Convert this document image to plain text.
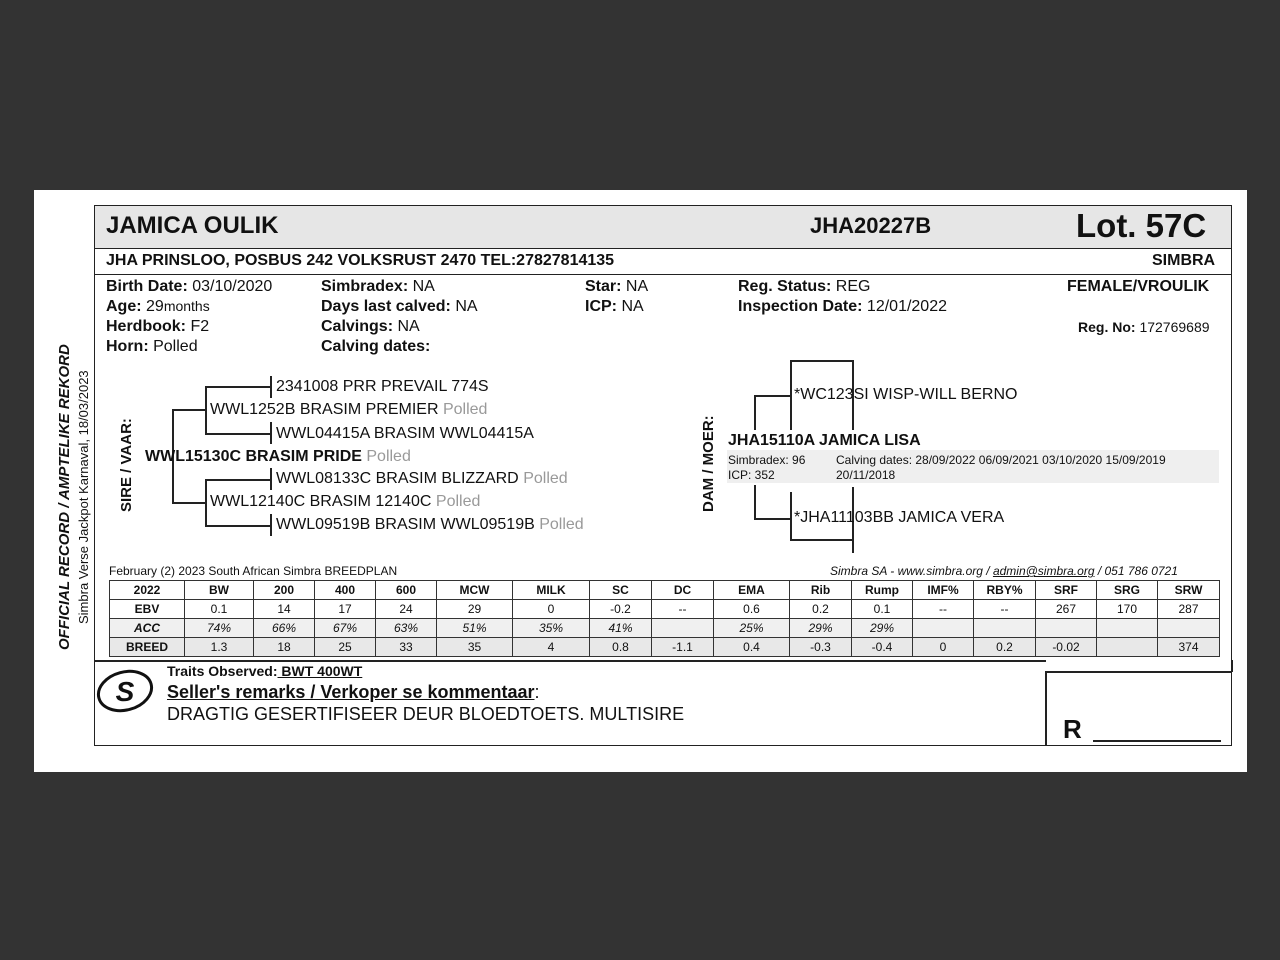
OFFICIAL RECORD / AMPTELIKE REKORD Simbra Verse Jackpot Karnaval, 18/03/2023
JAMICA OULIK	JHA20227B	Lot. 57C
JHA PRINSLOO, POSBUS 242 VOLKSRUST 2470 TEL:27827814135	SIMBRA
Birth Date: 03/10/2020
Age: 29months
Herdbook: F2
Horn: Polled
Simbradex: NA
Days last calved: NA
Calvings: NA
Calving dates:
Star: NA
ICP: NA
Reg. Status: REG
Inspection Date: 12/01/2022
FEMALE/VROULIK
Reg. No: 172769689
SIRE / VAAR:
2341008 PRR PREVAIL 774S
WWL1252B BRASIM PREMIER Polled
WWL04415A BRASIM WWL04415A
WWL15130C BRASIM PRIDE Polled
WWL08133C BRASIM BLIZZARD Polled
WWL12140C BRASIM 12140C Polled
WWL09519B BRASIM WWL09519B Polled
DAM / MOER:
*WC123SI WISP-WILL BERNO
JHA15110A JAMICA LISA
Simbradex: 96
ICP: 352
Calving dates: 28/09/2022 06/09/2021 03/10/2020 15/09/2019
20/11/2018
*JHA11103BB JAMICA VERA
February (2) 2023 South African Simbra BREEDPLAN	Simbra SA - www.simbra.org / admin@simbra.org / 051 786 0721
2022	BW	200	400	600	MCW	MILK	SC	DC	EMA	Rib	Rump	IMF%	RBY%	SRF	SRG	SRW
EBV	0.1	14	17	24	29	0	-0.2	--	0.6	0.2	0.1	--	--	267	170	287
ACC	74%	66%	67%	63%	51%	35%	41%		25%	29%	29%					
BREED	1.3	18	25	33	35	4	0.8	-1.1	0.4	-0.3	-0.4	0	0.2	-0.02		374
S
Traits Observed: BWT 400WT
Seller's remarks / Verkoper se kommentaar:
DRAGTIG GESERTIFISEER DEUR BLOEDTOETS. MULTISIRE	R
